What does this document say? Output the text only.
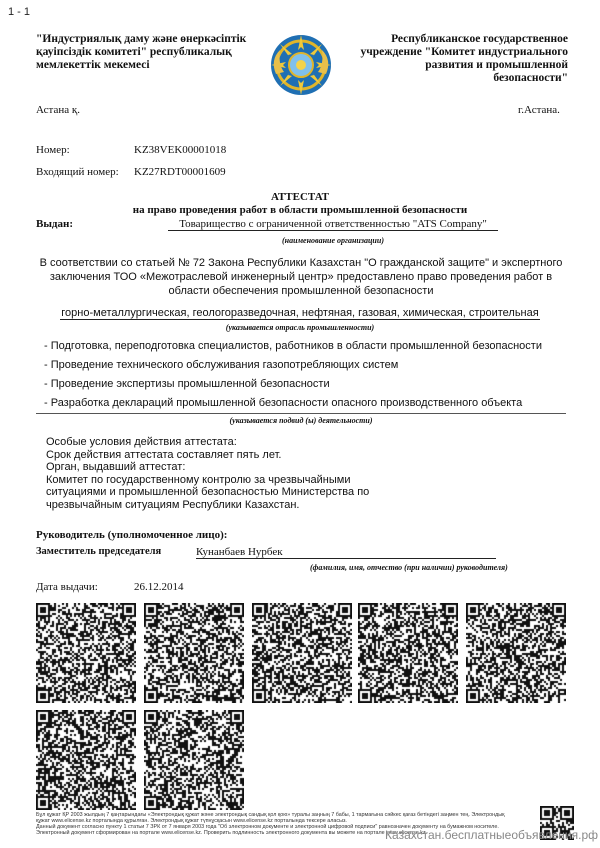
1 - 1
"Индустриялық даму және өнеркәсіптік қауіпсіздік комитеті" республикалық мемлекеттік мекемесі
Республиканское государственное учреждение "Комитет индустриального развития и промышленной безопасности"
Астана қ.	г.Астана.
Номер:	KZ38VEK00001018
Входящий номер: KZ27RDT00001609
АТТЕСТАТ
на право проведения работ в области промышленной безопасности
Выдан:	Товарищество с ограниченной ответственностью "ATS Company"
(наименование организации)
В соответствии со статьей № 72 Закона Республики Казахстан "О гражданской защите" и экспертного заключения ТОО «Межотраслевой инженерный центр» предоставлено право проведения работ в области обеспечения промышленной безопасности
горно-металлургическая, геологоразведочная, нефтяная, газовая, химическая, строительная
(указывается отрасль промышленности)
- Подготовка, переподготовка специалистов, работников в области промышленной безопасности
- Проведение технического обслуживания газопотребляющих систем
- Проведение экспертизы промышленной безопасности
- Разработка деклараций промышленной безопасности опасного производственного объекта
(указывается подвид (ы) деятельности)
Особые условия действия аттестата:
Срок действия аттестата составляет пять лет.
Орган, выдавший аттестат:
Комитет по государственному контролю за чрезвычайными
ситуациями и промышленной безопасностью Министерства по
чрезвычайным ситуациям Республики Казахстан.
Руководитель (уполномоченное лицо):
Заместитель председателя	Кунанбаев Нурбек
(фамилия, имя, отчество (при наличии) руководителя)
Дата выдачи:	26.12.2014
Бұл құжат ҚР 2003 жылдың 7 қаңтарындағы «Электрондық құжат және электрондық сандық қол қою» туралы заңның 7 бабы, 1 тармағына сәйкес қағаз бетіндегі заңмен тең. Электрондық құжат www.elicense.kz порталында құрылған. Электрондық құжат түпнұсқасын www.elicense.kz порталында тексере аласыз.
Данный документ согласно пункту 1 статьи 7 ЗРК от 7 января 2003 года "Об электронном документе и электронной цифровой подписи" равнозначен документу на бумажном носителе. Электронный документ сформирован на портале www.elicense.kz. Проверить подлинность электронного документа вы можете на портале www.elicense.kz.
Казахстан.бесплатныеобъявления.рф
